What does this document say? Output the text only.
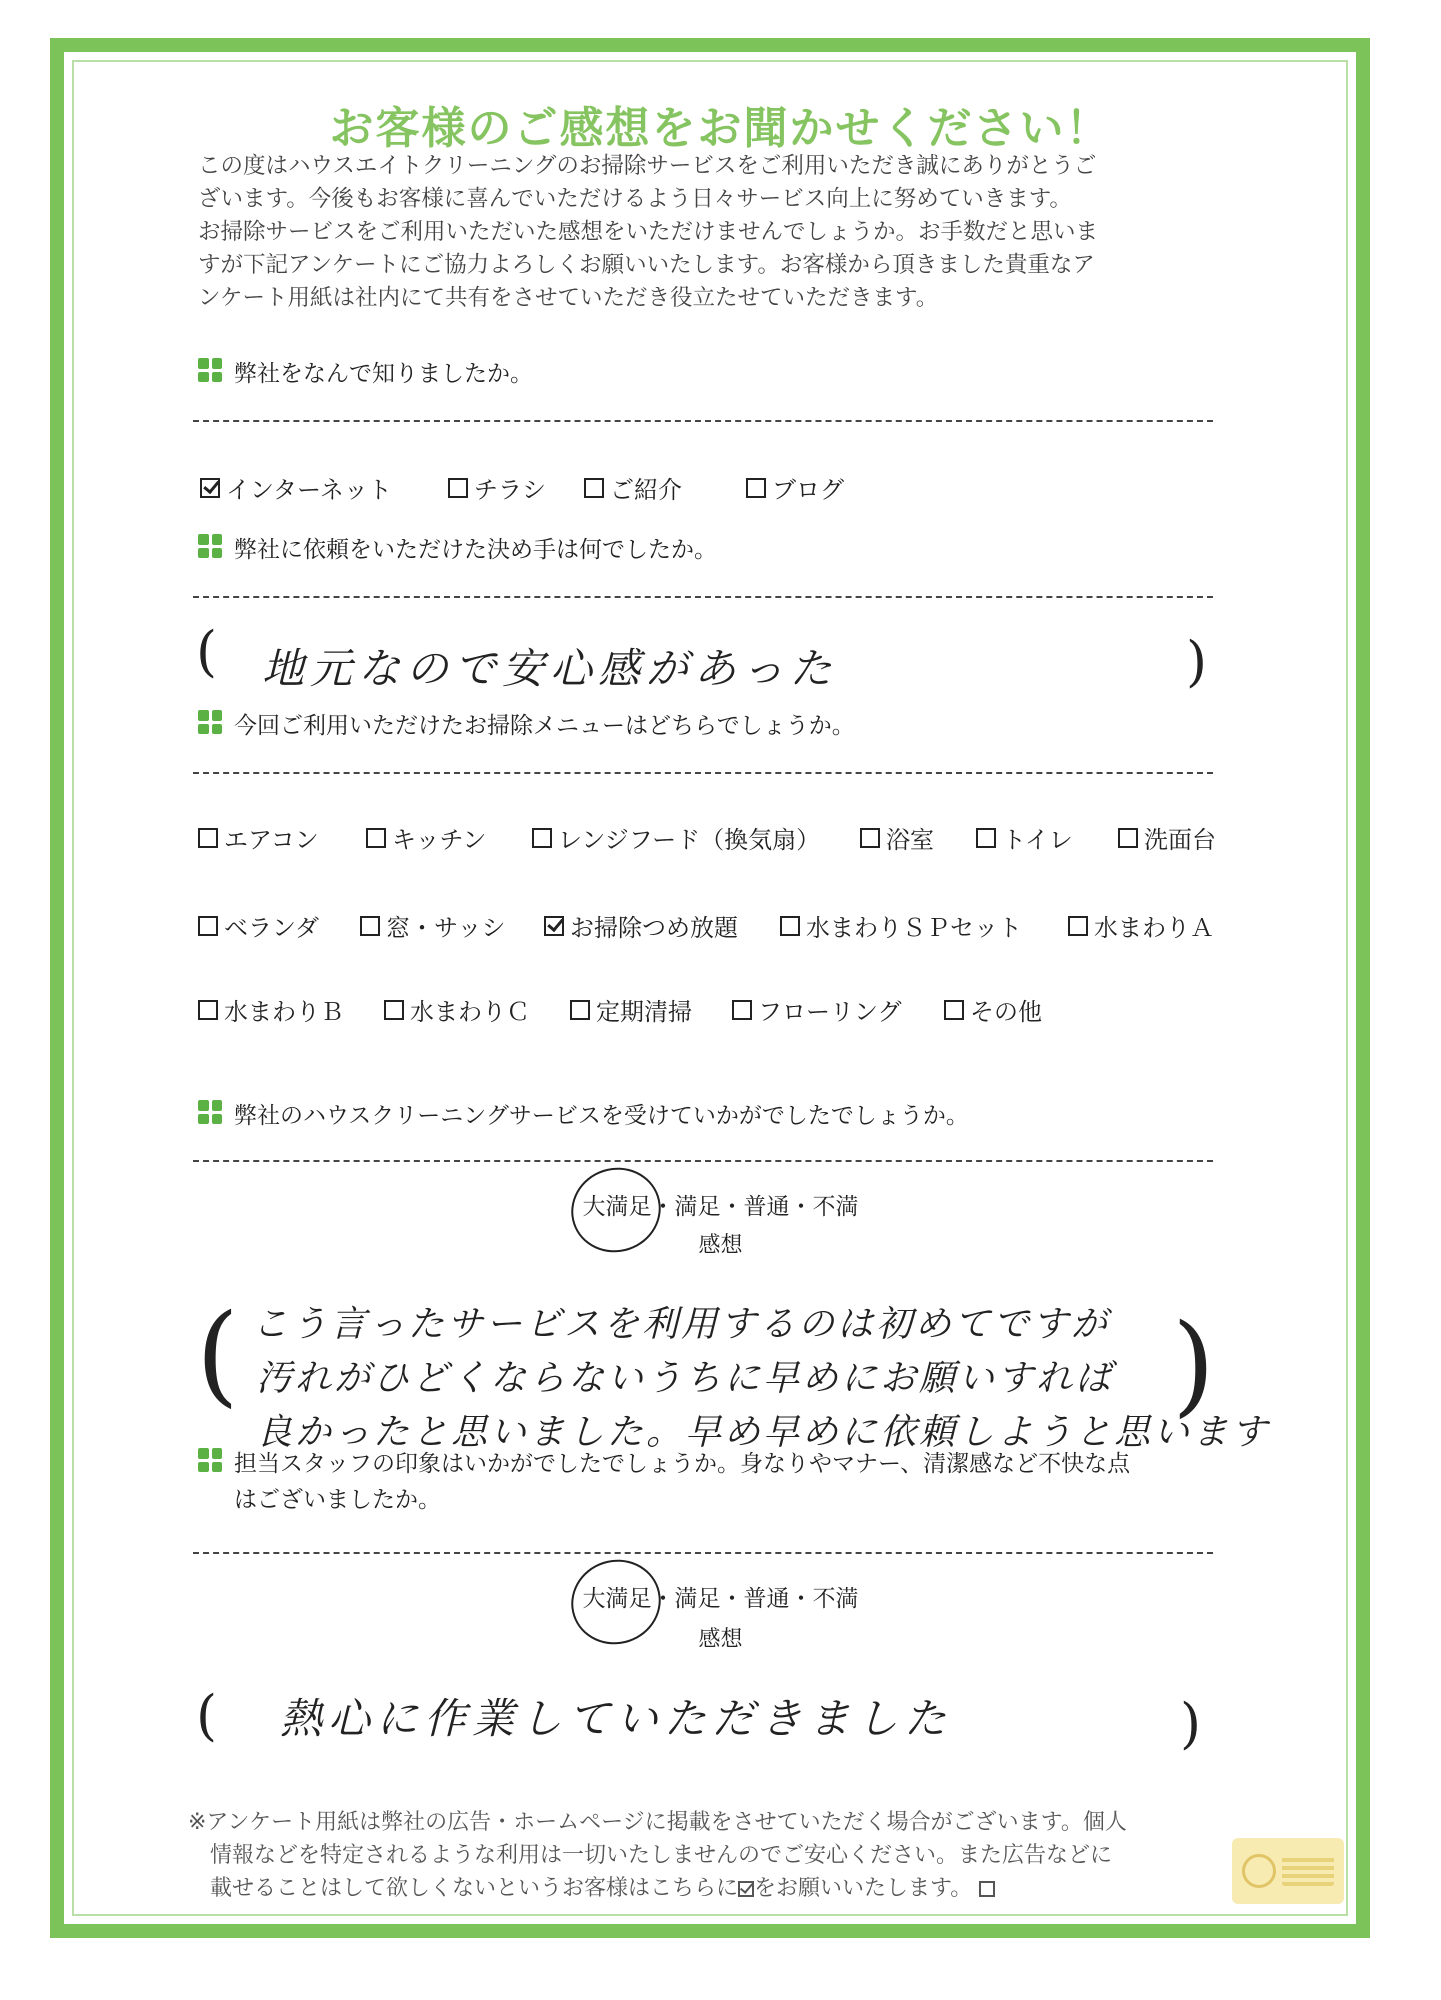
お客様のご感想をお聞かせください！

この度はハウスエイトクリーニングのお掃除サービスをご利用いただき誠にありがとうご

ざいます。今後もお客様に喜んでいただけるよう日々サービス向上に努めていきます。

お掃除サービスをご利用いただいた感想をいただけませんでしょうか。お手数だと思いま

すが下記アンケートにご協力よろしくお願いいたします。お客様から頂きました貴重なア

ンケート用紙は社内にて共有をさせていただき役立たせていただきます。

弊社をなんで知りましたか。
インターネット	チラシ	ご紹介	ブログ
弊社に依頼をいただけた決め手は何でしたか。
(	)
地元なので安心感があった
今回ご利用いただけたお掃除メニューはどちらでしょうか。
エアコン	キッチン	レンジフード（換気扇）	浴室	トイレ	洗面台
ベランダ	窓・サッシ	お掃除つめ放題	水まわりＳＰセット	水まわりＡ
水まわりＢ	水まわりＣ	定期清掃	フローリング	その他
弊社のハウスクリーニングサービスを受けていかがでしたでしょうか。
大満足・満足・普通・不満
感想
(	)
こう言ったサービスを利用するのは初めてですが
汚れがひどくならないうちに早めにお願いすれば
良かったと思いました。早め早めに依頼しようと思います
担当スタッフの印象はいかがでしたでしょうか。身なりやマナー、清潔感など不快な点
はございましたか。
大満足・満足・普通・不満
感想
(	)
熱心に作業していただきました

※アンケート用紙は弊社の広告・ホームページに掲載をさせていただく場合がございます。個人

情報などを特定されるような利用は一切いたしませんのでご安心ください。また広告などに

載せることはして欲しくないというお客様はこちらに をお願いいたします。
